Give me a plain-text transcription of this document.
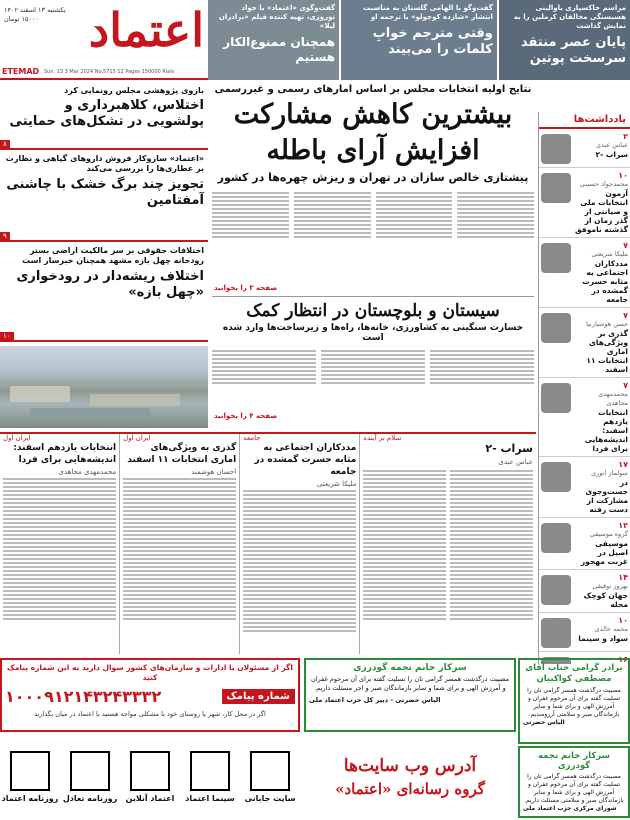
اعتماد
یکشنبه ۱۳ اسفند ۱۴۰۲
۱۵۰۰۰ تومان
ETEMAD Sun. 13 3 Mar 2024 No.5715 12 Pages 150000 Rials
مراسم خاکسپاری باوالینی هسیستگی مخالفان کرملین را به نمایش گذاشت
پایان عصر منتقد سرسخت پوتین
گفت‌وگو با الهامی گلستان به مناسبت انتشار «شازده کوچولو» با ترجمه او
وقتی مترجم خوابِ کلمات را می‌بیند
گفت‌وگوی «اعتماد» با جواد نوروزی، تهیه کننده فیلم «برادران لیلا»
همچنان ممنوع‌الکار هستیم
بازوی پژوهشی مجلس رونمایی کرد
اختلاس، کلاهبرداری و پولشویی در تشکل‌های حمایتی
۸
«اعتماد» سازوکار فروش داروهای گیاهی و نظارت بر عطاری‌ها را بررسی می‌کند
تجویز چند برگ خشک با چاشنی آمفتامین
۹
اختلافات حقوقی بر سر مالکیت اراضی بستر رودخانه چهل بازه مشهد همچنان خبرساز است
اختلاف ریشه‌دار در رودخواری «چهل بازه»
۱۰
یادداشت‌ها
۲
عباس عبدی
سراب -۲
۱۰
محمدجواد حسینی
آزمون انتخابات ملی و صیانتی از گذر زمان از گذشته ناموفق
۷
ملیکا شریعتی
مددکاران اجتماعی به مثابه حسرت‌ گمشده در جامعه
۷
حسن هوشیارنیا
گذری بر ویژگی‌های اماری انتخابات ۱۱ اسفند
۷
محمدمهدی مجاهدی
انتخابات یازدهم اسفند: اندیشه‌هایی برای فردا
۱۷
سولماز انوری
در جست‌وجوی مشارکت از دست رفته
۱۲
گروه موسیقی
موسیقی اصیل در غربت مهجور
۱۴
بهروز توفیقی
جهان کوچک محله
۱۰
محمد خالدی
سواد و سینما
۱۶
نتایج اولیه انتخابات مجلس بر اساس آمارهای رسمی و غیررسمی
بیشترین کاهش مشارکت
افزایش آرای باطله
پیشتازی خالص سازان در تهران و ریزش چهره‌ها در کشور
صفحه ۳ را بخوانید
سیستان و بلوچستان در انتظار کمک
خسارت سنگینی به کشاورزی، خانه‌ها، راه‌ها و زیرساخت‌ها وارد شده است
صفحه ۴ را بخوانید
سلام بر آینده
سراب -۲
عباس عبدی
جامعه
مددکاران اجتماعی به مثابه حسرت گمشده در جامعه
ملیکا شریعتی
ایران اول
گذری به ویژگی‌های اماری انتخابات ۱۱ اسفند
احسان هوشمند
ایران اول
انتخابات یازدهم اسفند: اندیشه‌هایی برای فردا
محمدمهدی مجاهدی
اگر از مسئولان یا ادارات و سازمان‌های کشور سوال دارید به این شماره پیامک کنید
شماره پیامک
۱۰۰۰۹۱۲۱۴۳۲۴۳۳۳۲
اگر در محل کار، شهر یا روستای خود با مشکلی مواجه هستید با اعتماد در میان بگذارید
سرکار خانم نجمه گودرزی
مصیبت درگذشت همسر گرامی تان را تسلیت گفته برای آن مرحوم غفران و آمرزش الهی و برای شما و سایر بازماندگان صبر و اجر مسئلت داریم.
الیاس حضرتی - دبیر کل حزب اعتماد ملی
برادر گرامی جناب آقای مصطفی کواکبیان
مصیبت درگذشت همسر گرامی تان را تسلیت گفته برای آن مرحوم غفران و آمرزش الهی و برای شما و سایر بازماندگان صبر و سلامتی آرزومندیم.
الیاس حضرتی
سرکار خانم نجمه گودرزی
مصیبت درگذشت همسر گرامی تان را تسلیت گفته برای آن مرحوم غفران و آمرزش الهی و برای شما و سایر بازماندگان صبر و سلامتی مسئلت داریم.
شورای مرکزی حزب اعتماد ملی
آدرس وب سایت‌ها
گروه رسانه‌ای «اعتماد»
سایت جابانی
سینما اعتماد
اعتماد آنلاین
روزنامه تعادل
روزنامه اعتماد
